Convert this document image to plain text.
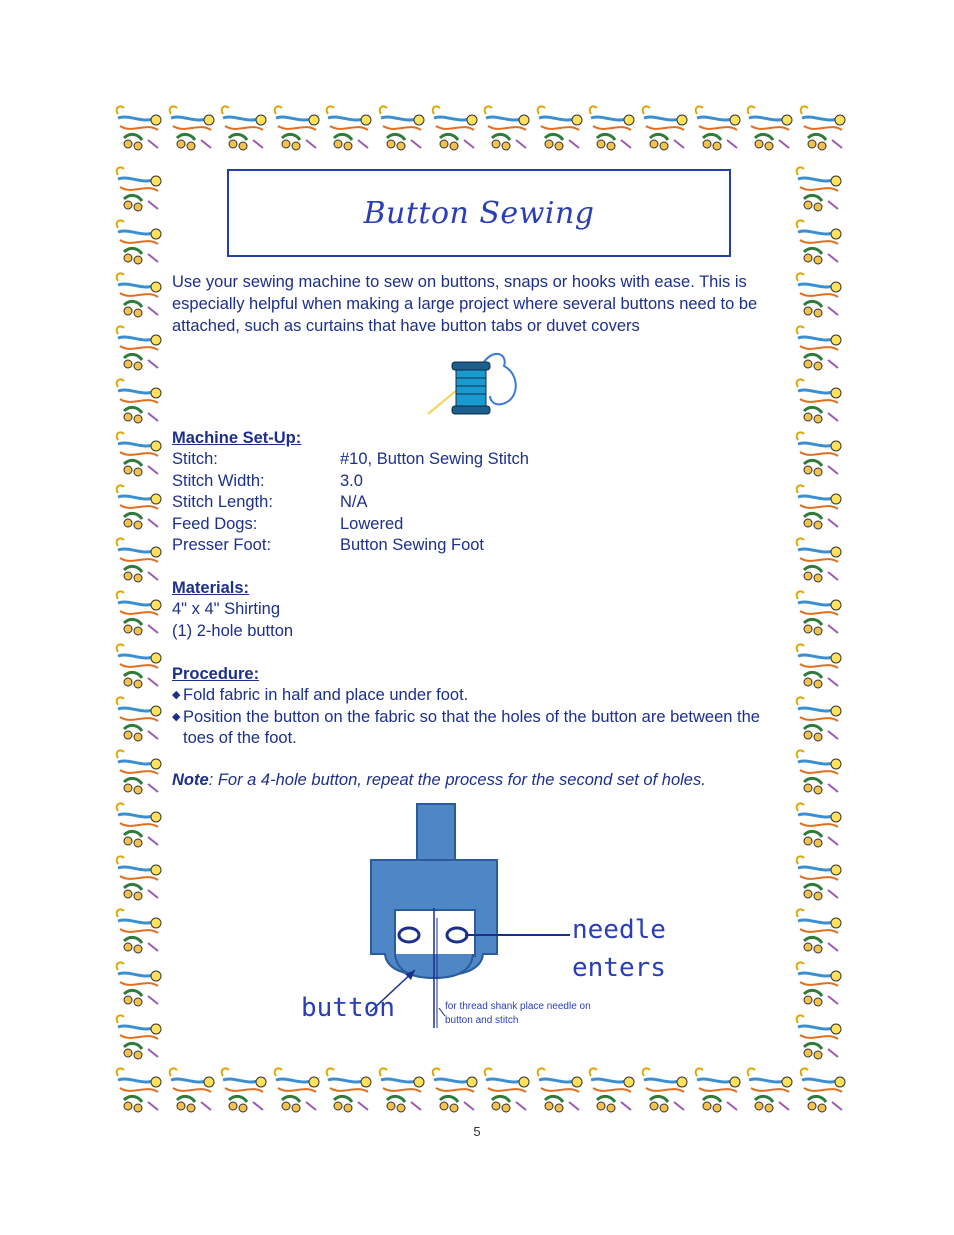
Button Sewing

Use your sewing machine to sew on buttons, snaps or hooks with ease. This is especially helpful when making a large project where several buttons need to be attached, such as curtains that have button tabs or duvet covers

Machine Set-Up:

Stitch:	#10, Button Sewing Stitch
Stitch Width:	3.0
Stitch Length:	N/A
Feed Dogs:	Lowered
Presser Foot:	Button Sewing Foot

Materials:

4" x 4" Shirting
(1) 2-hole button

Procedure:

◆ Fold fabric in half and place under foot.
◆ Position the button on the fabric so that the holes of the button are between the toes of the foot.

Note: For a 4-hole button, repeat the process for the second set of holes.

needle
enters
button	for thread shank place needle on
button and stitch
5
